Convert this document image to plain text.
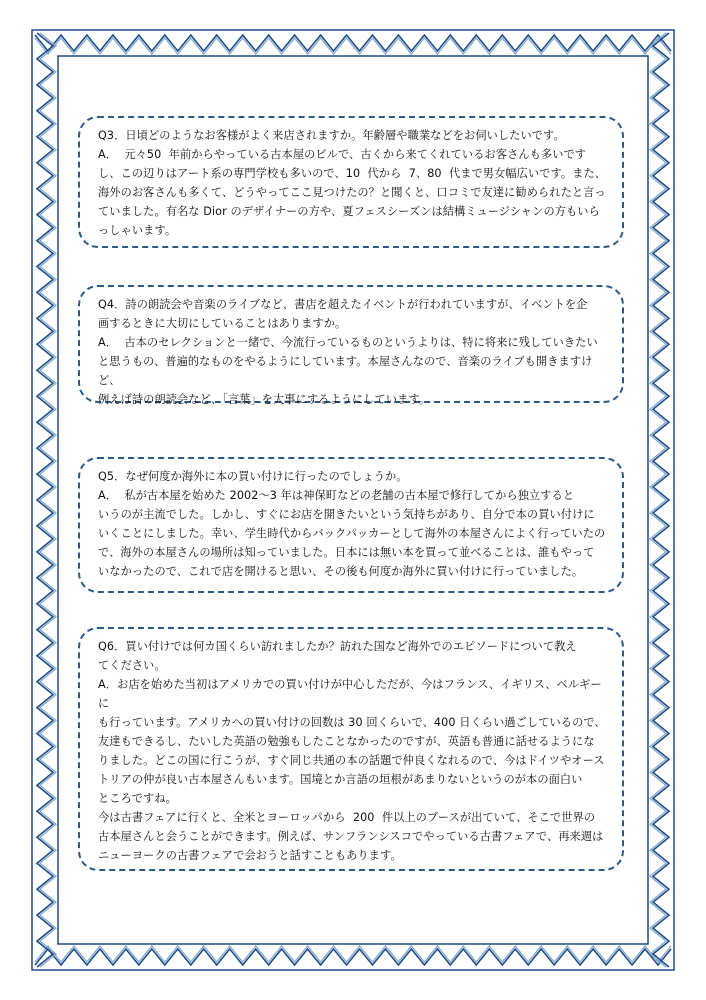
Q3．日頃どのようなお客様がよく来店されますか。年齢層や職業などをお伺いしたいです。

A．  元々50  年前からやっている古本屋のビルで、古くから来てくれているお客さんも多いです

し、この辺りはアート系の専門学校も多いので、10  代から  7、80  代まで男女幅広いです。また、

海外のお客さんも多くて、どうやってここ見つけたの？と聞くと、口コミで友達に勧められたと言っ

ていました。有名な Dior のデザイナーの方や、夏フェスシーズンは結構ミュージシャンの方もいら

っしゃいます。

Q4．詩の朗読会や音楽のライブなど、書店を超えたイベントが行われていますが、イベントを企

画するときに大切にしていることはありますか。

A．  古本のセレクションと一緒で、今流行っているものというよりは、特に将来に残していきたい

と思うもの、普遍的なものをやるようにしています。本屋さんなので、音楽のライブも開きますけど、

例えば詩の朗読会など、「言葉」を大事にするようにしています。

Q5．なぜ何度か海外に本の買い付けに行ったのでしょうか。

A．  私が古本屋を始めた 2002～3 年は神保町などの老舗の古本屋で修行してから独立すると

いうのが主流でした。しかし、すぐにお店を開きたいという気持ちがあり、自分で本の買い付けに

いくことにしました。幸い、学生時代からバックパッカーとして海外の本屋さんによく行っていたの

で、海外の本屋さんの場所は知っていました。日本には無い本を買って並べることは、誰もやって

いなかったので、これで店を開けると思い、その後も何度か海外に買い付けに行っていました。

Q6．買い付けでは何カ国くらい訪れましたか？訪れた国など海外でのエピソードについて教え

てください。

A．お店を始めた当初はアメリカでの買い付けが中心しただが、今はフランス、イギリス、ベルギーに

も行っています。アメリカへの買い付けの回数は 30 回くらいで、400 日くらい過ごしているので、

友達もできるし、たいした英語の勉強もしたことなかったのですが、英語も普通に話せるようにな

りました。どこの国に行こうが、すぐ同じ共通の本の話題で仲良くなれるので、今はドイツやオース

トリアの仲が良い古本屋さんもいます。国境とか言語の垣根があまりないというのが本の面白い

ところですね。

今は古書フェアに行くと、全米とヨーロッパから  200  件以上のブースが出ていて、そこで世界の

古本屋さんと会うことができます。例えば、サンフランシスコでやっている古書フェアで、再来週は

ニューヨークの古書フェアで会おうと話すこともあります。
